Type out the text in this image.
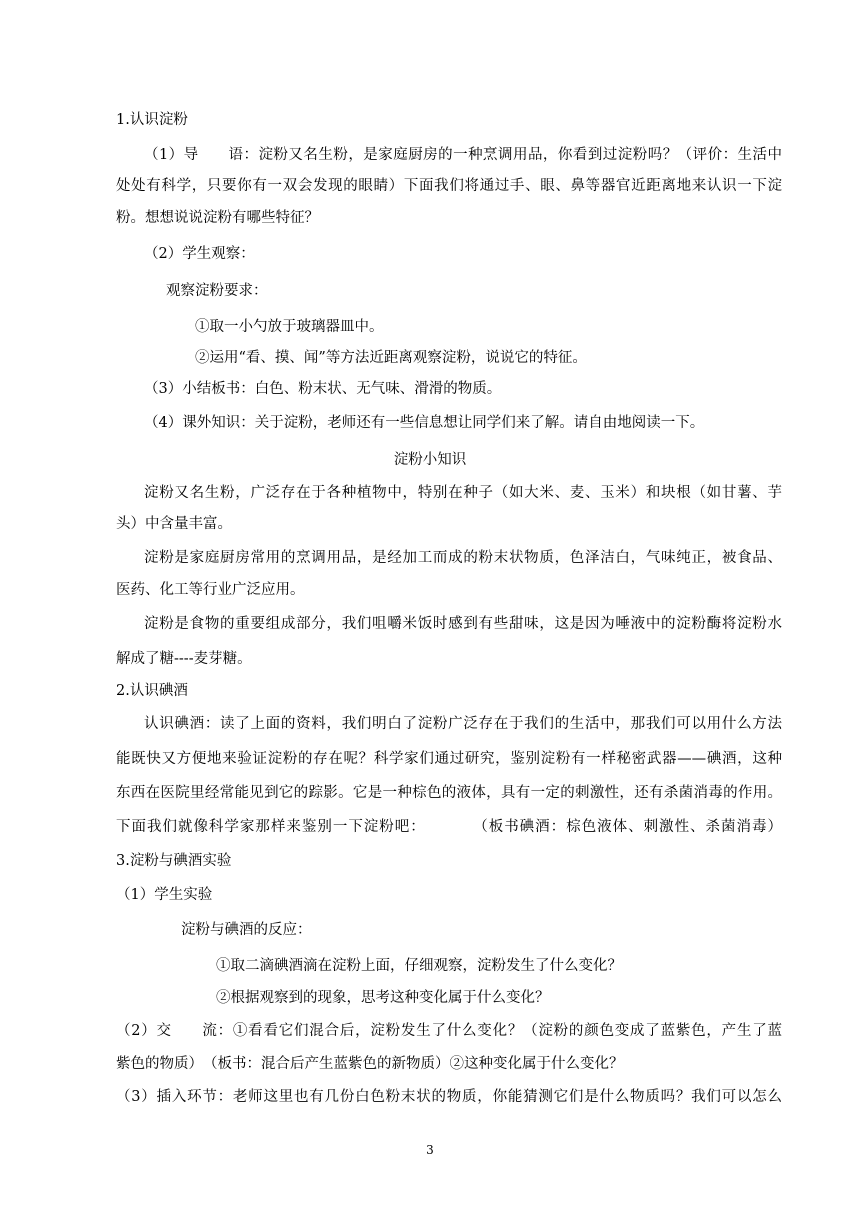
1.认识淀粉
（1）导　　语：淀粉又名生粉，是家庭厨房的一种烹调用品，你看到过淀粉吗？（评价：生活中
处处有科学，只要你有一双会发现的眼睛）下面我们将通过手、眼、鼻等器官近距离地来认识一下淀
粉。想想说说淀粉有哪些特征？
（2）学生观察：
观察淀粉要求：
①取一小勺放于玻璃器皿中。
②运用“看、摸、闻”等方法近距离观察淀粉，说说它的特征。
（3）小结板书：白色、粉末状、无气味、滑滑的物质。
（4）课外知识：关于淀粉，老师还有一些信息想让同学们来了解。请自由地阅读一下。
淀粉小知识
淀粉又名生粉，广泛存在于各种植物中，特别在种子（如大米、麦、玉米）和块根（如甘薯、芋
头）中含量丰富。
淀粉是家庭厨房常用的烹调用品，是经加工而成的粉末状物质，色泽洁白，气味纯正，被食品、
医药、化工等行业广泛应用。
淀粉是食物的重要组成部分，我们咀嚼米饭时感到有些甜味，这是因为唾液中的淀粉酶将淀粉水
解成了糖----麦芽糖。
2.认识碘酒
认识碘酒：读了上面的资料，我们明白了淀粉广泛存在于我们的生活中，那我们可以用什么方法
能既快又方便地来验证淀粉的存在呢？科学家们通过研究，鉴别淀粉有一样秘密武器——碘酒，这种
东西在医院里经常能见到它的踪影。它是一种棕色的液体，具有一定的刺激性，还有杀菌消毒的作用。
下面我们就像科学家那样来鉴别一下淀粉吧：　　　　（板书碘酒：棕色液体、刺激性、杀菌消毒）
3.淀粉与碘酒实验
（1）学生实验
淀粉与碘酒的反应：
①取二滴碘酒滴在淀粉上面，仔细观察，淀粉发生了什么变化？
②根据观察到的现象，思考这种变化属于什么变化？
（2）交　　流：①看看它们混合后，淀粉发生了什么变化？（淀粉的颜色变成了蓝紫色，产生了蓝
紫色的物质）　（板书：混合后产生蓝紫色的新物质）②这种变化属于什么变化？
（3）插入环节：老师这里也有几份白色粉末状的物质，你能猜测它们是什么物质吗？我们可以怎么
3
